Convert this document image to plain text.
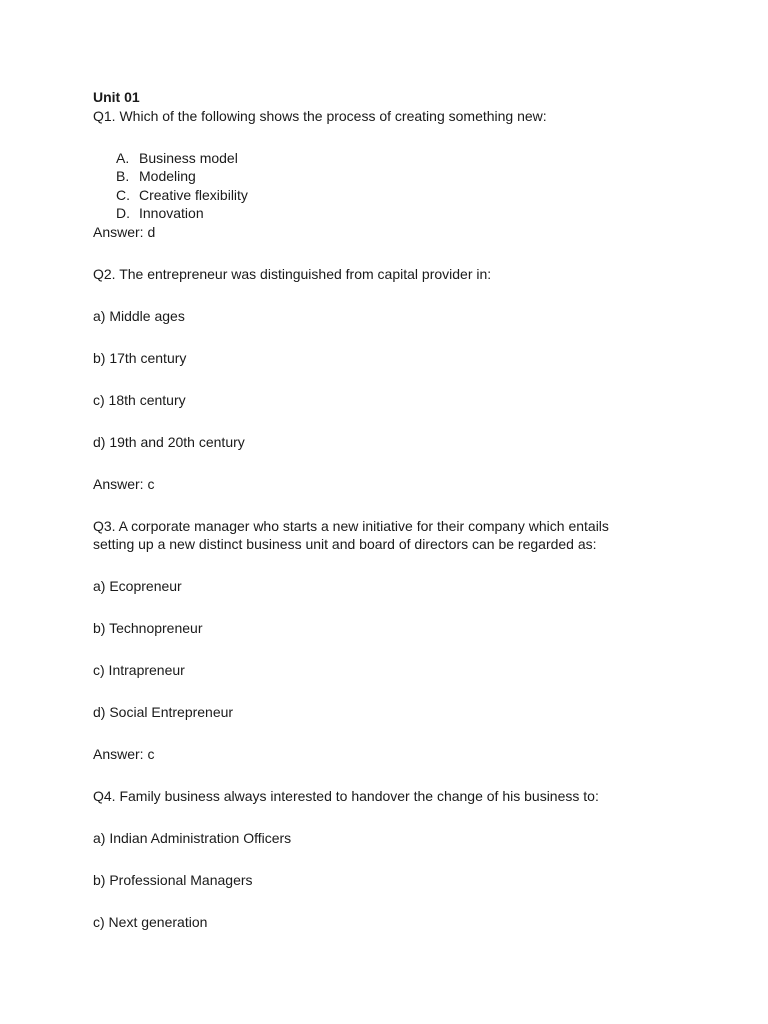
Unit 01
Q1. Which of the following shows the process of creating something new:
A. Business model
B. Modeling
C. Creative flexibility
D. Innovation
Answer: d
Q2. The entrepreneur was distinguished from capital provider in:
a) Middle ages
b) 17th century
c) 18th century
d) 19th and 20th century
Answer: c
Q3. A corporate manager who starts a new initiative for their company which entails
setting up a new distinct business unit and board of directors can be regarded as:
a) Ecopreneur
b) Technopreneur
c) Intrapreneur
d) Social Entrepreneur
Answer: c
Q4. Family business always interested to handover the change of his business to:
a) Indian Administration Officers
b) Professional Managers
c) Next generation
